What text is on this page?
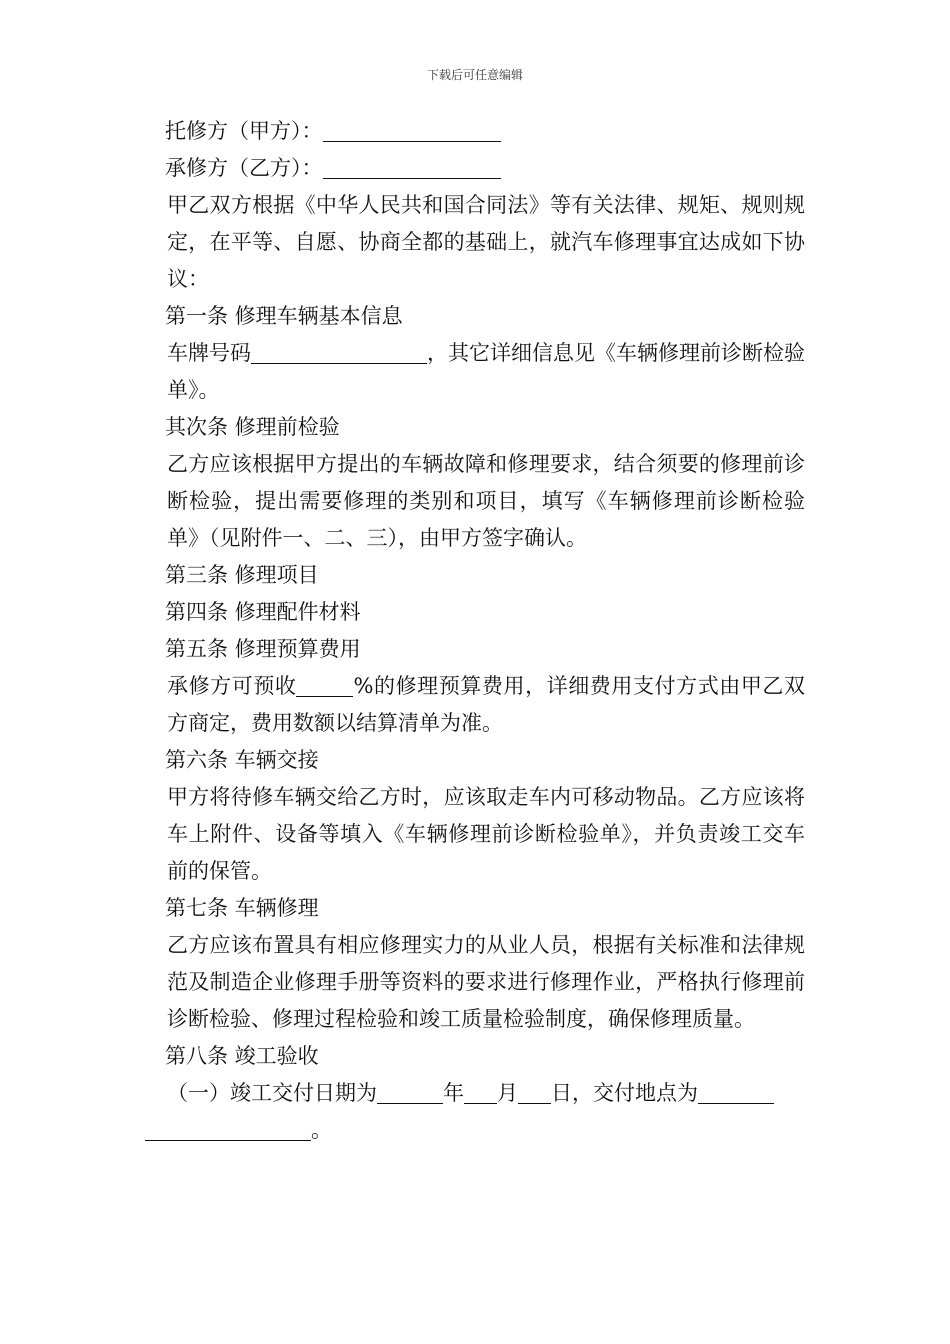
下载后可任意编辑

托修方（甲方）：

承修方（乙方）：

甲乙双方根据《中华人民共和国合同法》等有关法律、规矩、规则规定，在平等、自愿、协商全都的基础上，就汽车修理事宜达成如下协议：

第一条 修理车辆基本信息

车牌号码	，其它详细信息见《车辆修理前诊断检验单》。

其次条 修理前检验

乙方应该根据甲方提出的车辆故障和修理要求，结合须要的修理前诊断检验，提出需要修理的类别和项目，填写《车辆修理前诊断检验单》（见附件一、二、三），由甲方签字确认。

第三条 修理项目

第四条 修理配件材料

第五条 修理预算费用

承修方可预收	%的修理预算费用，详细费用支付方式由甲乙双方商定，费用数额以结算清单为准。

第六条 车辆交接

甲方将待修车辆交给乙方时，应该取走车内可移动物品。乙方应该将车上附件、设备等填入《车辆修理前诊断检验单》，并负责竣工交车前的保管。

第七条 车辆修理

乙方应该布置具有相应修理实力的从业人员，根据有关标准和法律规范及制造企业修理手册等资料的要求进行修理作业，严格执行修理前诊断检验、修理过程检验和竣工质量检验制度，确保修理质量。

第八条 竣工验收

（一）竣工交付日期为	年 月 日，交付地点为
。
